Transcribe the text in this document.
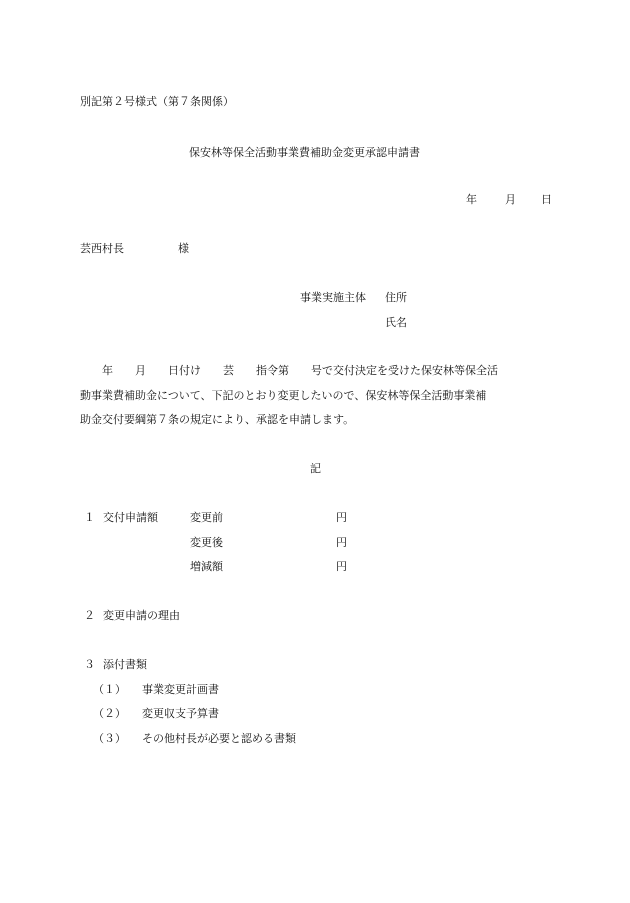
別記第２号様式（第７条関係）
保安林等保全活動事業費補助金変更承認申請書
年	月 日
芸西村長	様
事業実施主体 住所
氏名
年　　月　　日付け　　芸　　指令第　　号で交付決定を受けた保安林等保全活
動事業費補助金について、下記のとおり変更したいので、保安林等保全活動事業補
助金交付要綱第７条の規定により、承認を申請します。
記
１ 交付申請額	変更前	円
変更後	円
増減額	円
２ 変更申請の理由
３ 添付書類
（１） 事業変更計画書
（２） 変更収支予算書
（３） その他村長が必要と認める書類
